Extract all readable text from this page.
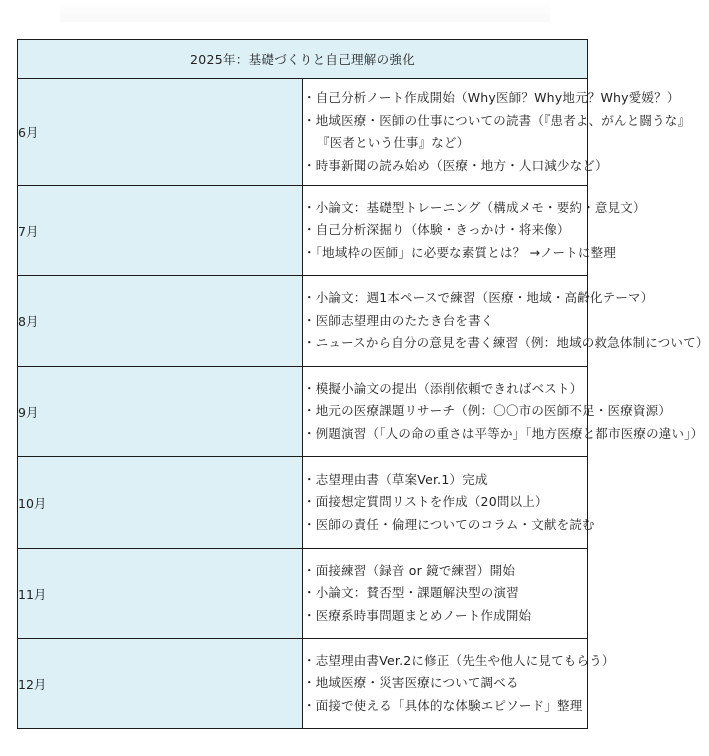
2025年：基礎づくりと自己理解の強化	
6月	・自己分析ノート作成開始（Why医師？Why地元？Why愛媛？）
・地域医療・医師の仕事についての読書（『患者よ、がんと闘うな』
『医者という仕事』など）
・時事新聞の読み始め（医療・地方・人口減少など）

7月	・小論文：基礎型トレーニング（構成メモ・要約・意見文）
・自己分析深掘り（体験・きっかけ・将来像）
・「地域枠の医師」に必要な素質とは？ →ノートに整理

8月	・小論文：週1本ペースで練習（医療・地域・高齢化テーマ）
・医師志望理由のたたき台を書く
・ニュースから自分の意見を書く練習（例：地域の救急体制について）

9月	・模擬小論文の提出（添削依頼できればベスト）
・地元の医療課題リサーチ（例：〇〇市の医師不足・医療資源）
・例題演習（「人の命の重さは平等か」「地方医療と都市医療の違い」）

10月	・志望理由書（草案Ver.1）完成
・面接想定質問リストを作成（20問以上）
・医師の責任・倫理についてのコラム・文献を読む

11月	・面接練習（録音 or 鏡で練習）開始
・小論文：賛否型・課題解決型の演習
・医療系時事問題まとめノート作成開始

12月	・志望理由書Ver.2に修正（先生や他人に見てもらう）
・地域医療・災害医療について調べる
・面接で使える「具体的な体験エピソード」整理
